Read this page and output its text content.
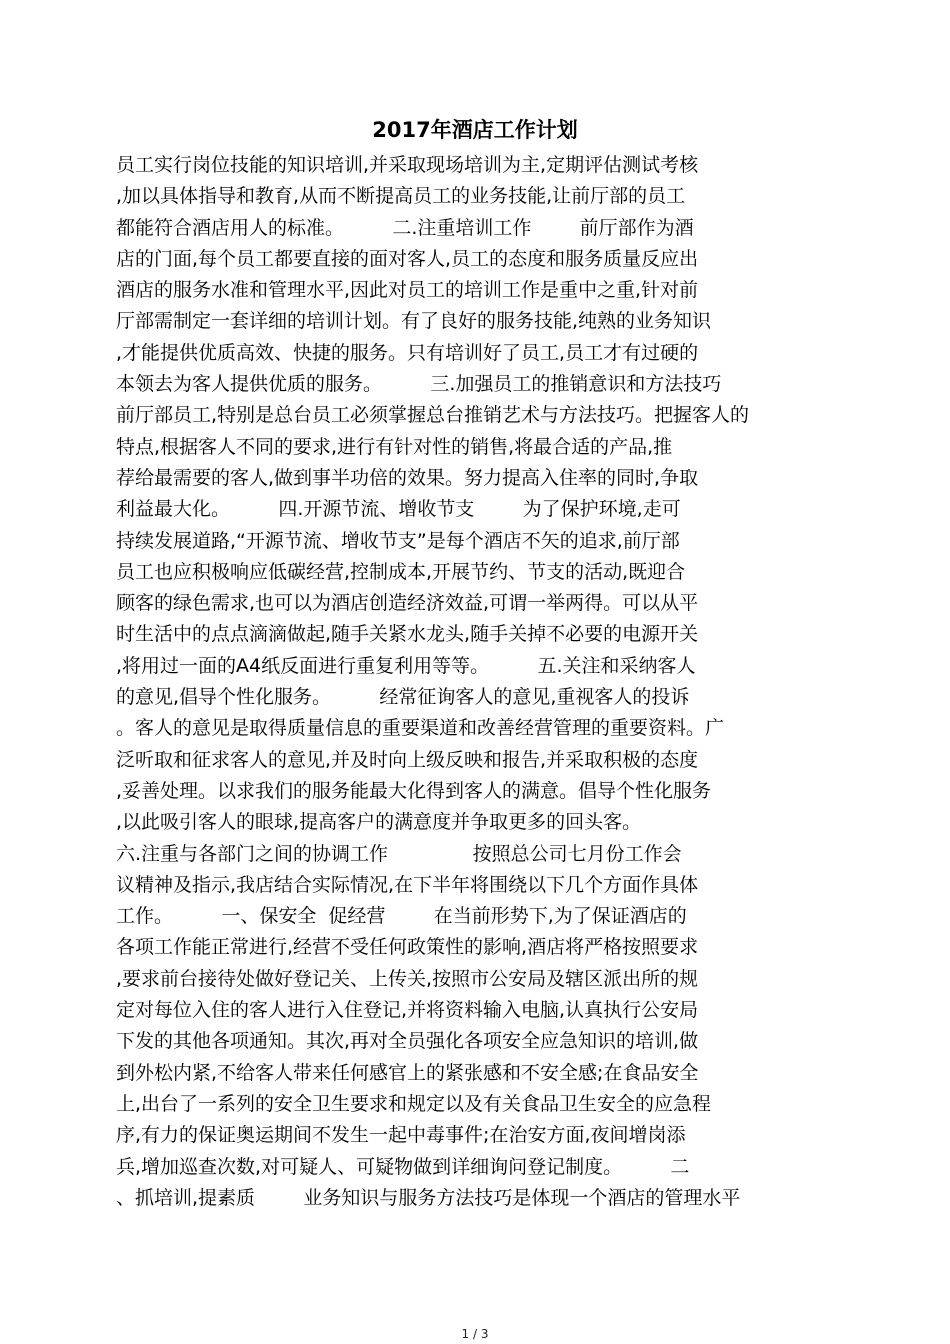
2017年酒店工作计划
员工实行岗位技能的知识培训,并采取现场培训为主,定期评估测试考核
,加以具体指导和教育,从而不断提高员工的业务技能,让前厅部的员工
都能符合酒店用人的标准。        二.注重培训工作        前厅部作为酒
店的门面,每个员工都要直接的面对客人,员工的态度和服务质量反应出
酒店的服务水准和管理水平,因此对员工的培训工作是重中之重,针对前
厅部需制定一套详细的培训计划。有了良好的服务技能,纯熟的业务知识
,才能提供优质高效、快捷的服务。只有培训好了员工,员工才有过硬的
本领去为客人提供优质的服务。        三.加强员工的推销意识和方法技巧
前厅部员工,特别是总台员工必须掌握总台推销艺术与方法技巧。把握客人的
特点,根据客人不同的要求,进行有针对性的销售,将最合适的产品,推
荐给最需要的客人,做到事半功倍的效果。努力提高入住率的同时,争取
利益最大化。        四.开源节流、增收节支        为了保护环境,走可
持续发展道路,“开源节流、增收节支”是每个酒店不矢的追求,前厅部
员工也应积极响应低碳经营,控制成本,开展节约、节支的活动,既迎合
顾客的绿色需求,也可以为酒店创造经济效益,可谓一举两得。可以从平
时生活中的点点滴滴做起,随手关紧水龙头,随手关掉不必要的电源开关
,将用过一面的A4纸反面进行重复利用等等。        五.关注和采纳客人
的意见,倡导个性化服务。        经常征询客人的意见,重视客人的投诉
。客人的意见是取得质量信息的重要渠道和改善经营管理的重要资料。广
泛听取和征求客人的意见,并及时向上级反映和报告,并采取积极的态度
,妥善处理。以求我们的服务能最大化得到客人的满意。倡导个性化服务
,以此吸引客人的眼球,提高客户的满意度并争取更多的回头客。
六.注重与各部门之间的协调工作              按照总公司七月份工作会
议精神及指示,我店结合实际情况,在下半年将围绕以下几个方面作具体
工作。        一、保安全  促经营        在当前形势下,为了保证酒店的
各项工作能正常进行,经营不受任何政策性的影响,酒店将严格按照要求
,要求前台接待处做好登记关、上传关,按照市公安局及辖区派出所的规
定对每位入住的客人进行入住登记,并将资料输入电脑,认真执行公安局
下发的其他各项通知。其次,再对全员强化各项安全应急知识的培训,做
到外松内紧,不给客人带来任何感官上的紧张感和不安全感;在食品安全
上,出台了一系列的安全卫生要求和规定以及有关食品卫生安全的应急程
序,有力的保证奥运期间不发生一起中毒事件;在治安方面,夜间增岗添
兵,增加巡查次数,对可疑人、可疑物做到详细询问登记制度。        二
、抓培训,提素质        业务知识与服务方法技巧是体现一个酒店的管理水平
1 / 3
